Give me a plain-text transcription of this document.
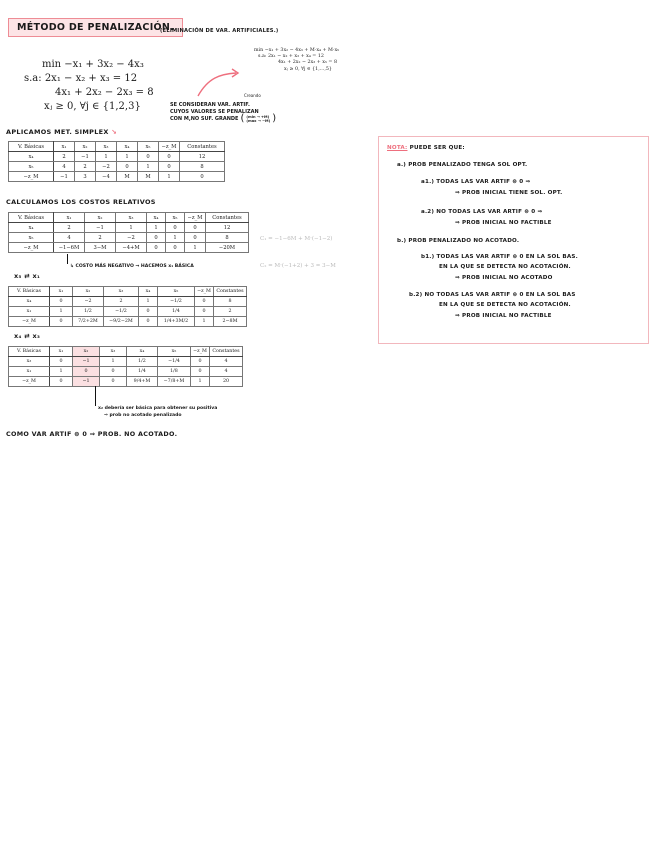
MÉTODO DE PENALIZACIÓN.
(ELIMINACIÓN DE VAR. ARTIFICIALES.)
min −x₁ + 3x₂ − 4x₃
s.a: 2x₁ − x₂ + x₃ = 12
4x₁ + 2x₂ − 2x₃ = 8
xⱼ ≥ 0, ∀j ∈ {1,2,3}
min −x₁ + 3x₂ − 4x₃ + M·x₄ + M·x₅
s.a: 2x₁ − x₂ + x₃ + x₄ = 12
4x₁ + 2x₂ − 2x₃ + x₅ = 8
xⱼ ≥ 0, ∀j ∈ {1,...,5}
Creando
SE CONSIDERAN VAR. ARTIF.
CUYOS VALORES SE PENALIZAN
CON M,NO SUF. GRANDE ( (min → +M)
(max → −M) )
APLICAMOS MET. SIMPLEX ↘
V. Básicas	x₁	x₂	x₃	x₄	x₅	−z_M	Constantes
x₄	2	−1	1	1	0	0	12
x₅	4	2	−2	0	1	0	8
−z_M	−1	3	−4	M	M	1	0
CALCULAMOS LOS COSTOS RELATIVOS
V. Básicas	x₁	x₂	x₃	x₄	x₅	−z_M	Constantes
x₄	2	−1	1	1	0	0	12
x₅	4	2	−2	0	1	0	8
−z_M	−1−6M	3−M	−4+M	0	0	1	−20M
C₁ = −1−6M + M·(−1−2)
C₂ = M·(−1+2) + 3 = 3−M
↳ COSTO MÁS NEGATIVO → HACEMOS x₁ BÁSICA
x₅ ⇄ x₁
V. Básicas	x₁	x₂	x₃	x₄	x₅	−z_M	Constantes
x₄	0	−2	2	1	−1/2	0	8
x₁	1	1/2	−1/2	0	1/4	0	2
−z_M	0	7/2+2M	−9/2−2M	0	1/4+3M/2	1	2−8M
x₄ ⇄ x₃
V. Básicas	x₁	x₂	x₃	x₄	x₅	−z_M	Constantes
x₃	0	−1	1	1/2	−1/4	0	4
x₁	1	0	0	1/4	1/8	0	4
−z_M	0	−1	0	9/4+M	−7/8+M	1	20
x₂ debería ser básica para obtener su positiva
⇒ prob no acotado penalizado
COMO VAR ARTIF ⊜ 0 ⇒ PROB. NO ACOTADO.
NOTA: PUEDE SER QUE:
a.) PROB PENALIZADO TENGA SOL OPT.
a1.) TODAS LAS VAR ARTIF ⊜ 0 ⇒
⇒ PROB INICIAL TIENE SOL. OPT.
a.2) NO TODAS LAS VAR ARTIF ⊜ 0 ⇒
⇒ PROB INICIAL NO FACTIBLE
b.) PROB PENALIZADO NO ACOTADO.
b1.) TODAS LAS VAR ARTIF ⊜ 0 EN LA SOL BAS.
EN LA QUE SE DETECTA NO ACOTACIÓN.
⇒ PROB INICIAL NO ACOTADO
b.2) NO TODAS LAS VAR ARTIF ⊜ 0 EN LA SOL BAS
EN LA QUE SE DETECTA NO ACOTACIÓN.
⇒ PROB INICIAL NO FACTIBLE
